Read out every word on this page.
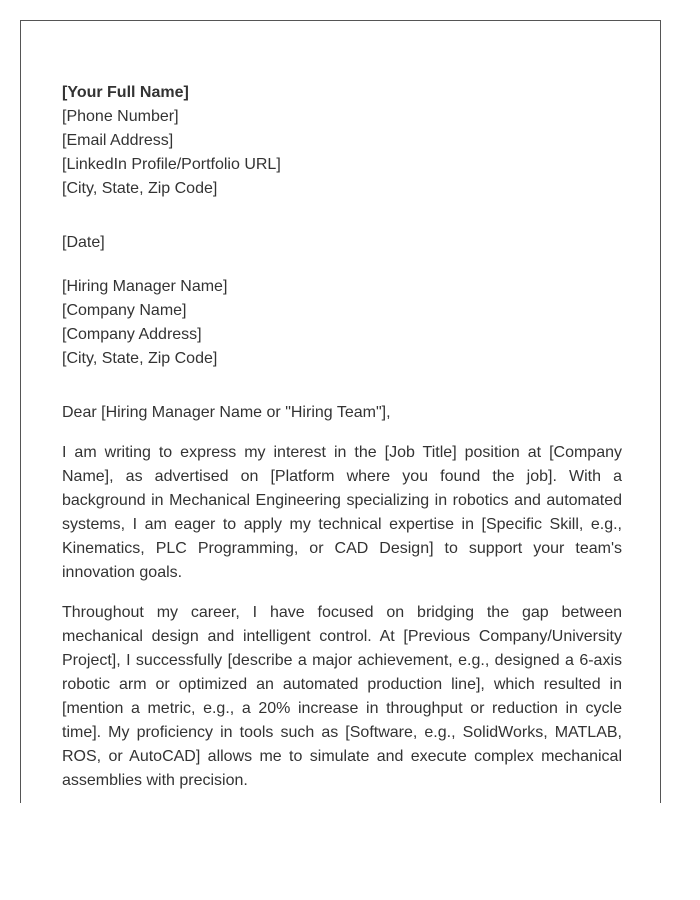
[Your Full Name]
[Phone Number]
[Email Address]
[LinkedIn Profile/Portfolio URL]
[City, State, Zip Code]
[Date]
[Hiring Manager Name]
[Company Name]
[Company Address]
[City, State, Zip Code]
Dear [Hiring Manager Name or "Hiring Team"],

I am writing to express my interest in the [Job Title] position at [Company Name], as advertised on [Platform where you found the job]. With a background in Mechanical Engineering specializing in robotics and automated systems, I am eager to apply my technical expertise in [Specific Skill, e.g., Kinematics, PLC Programming, or CAD Design] to support your team's innovation goals.

Throughout my career, I have focused on bridging the gap between mechanical design and intelligent control. At [Previous Company/University Project], I successfully [describe a major achievement, e.g., designed a 6-axis robotic arm or optimized an automated production line], which resulted in [mention a metric, e.g., a 20% increase in throughput or reduction in cycle time]. My proficiency in tools such as [Software, e.g., SolidWorks, MATLAB, ROS, or AutoCAD] allows me to simulate and execute complex mechanical assemblies with precision.
